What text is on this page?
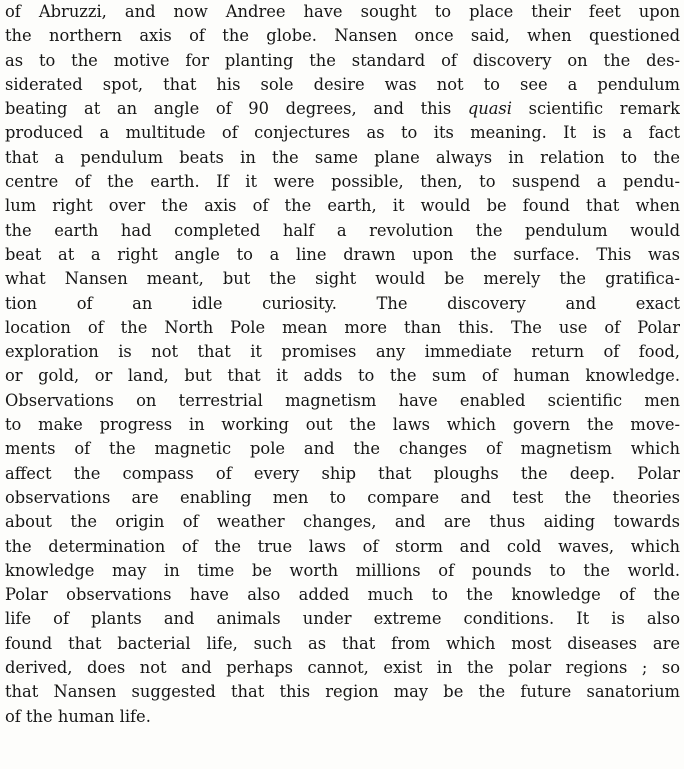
of Abruzzi, and now Andree have sought to place their feet upon
the northern axis of the globe. Nansen once said, when questioned
as to the motive for planting the standard of discovery on the des-
siderated spot, that his sole desire was not to see a pendulum
beating at an angle of 90 degrees, and this quasi scientific remark
produced a multitude of conjectures as to its meaning. It is a fact
that a pendulum beats in the same plane always in relation to the
centre of the earth. If it were possible, then, to suspend a pendu-
lum right over the axis of the earth, it would be found that when
the earth had completed half a revolution the pendulum would
beat at a right angle to a line drawn upon the surface. This was
what Nansen meant, but the sight would be merely the gratifica-
tion of an idle curiosity. The discovery and exact
location of the North Pole mean more than this. The use of Polar
exploration is not that it promises any immediate return of food,
or gold, or land, but that it adds to the sum of human knowledge.
Observations on terrestrial magnetism have enabled scientific men
to make progress in working out the laws which govern the move-
ments of the magnetic pole and the changes of magnetism which
affect the compass of every ship that ploughs the deep. Polar
observations are enabling men to compare and test the theories
about the origin of weather changes, and are thus aiding towards
the determination of the true laws of storm and cold waves, which
knowledge may in time be worth millions of pounds to the world.
Polar observations have also added much to the knowledge of the
life of plants and animals under extreme conditions. It is also
found that bacterial life, such as that from which most diseases are
derived, does not and perhaps cannot, exist in the polar regions ; so
that Nansen suggested that this region may be the future sanatorium
of the human life.
